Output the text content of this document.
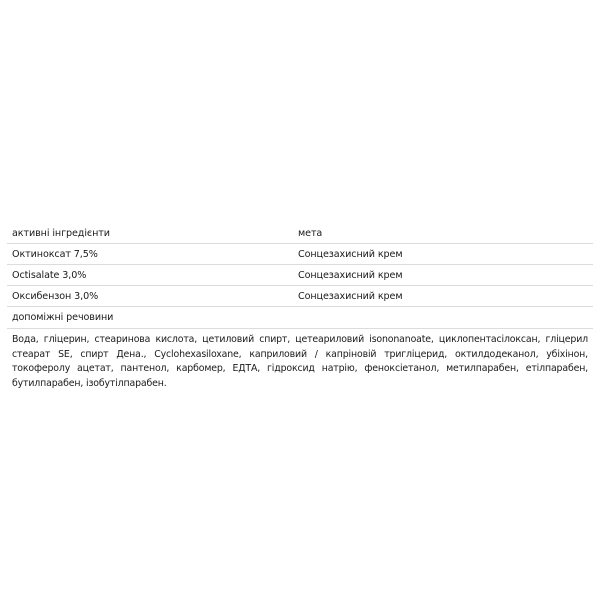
активні інгредієнти	мета
Октиноксат 7,5%	Сонцезахисний крем
Octisalate 3,0%	Сонцезахисний крем
Оксибензон 3,0%	Сонцезахисний крем
допоміжні речовини
Вода, гліцерин, стеаринова кислота, цетиловий спирт, цетеариловий isononanoate, циклопентасілоксан, гліцерил стеарат SE, спирт Дена., Cyclohexasiloxane, каприловий / капріновій тригліцерид, октилдодеканол, убіхінон, токоферолу ацетат, пантенол, карбомер, ЕДТА, гідроксид натрію, феноксіетанол, метилпарабен, етілпарабен, бутилпарабен, ізобутілпарабен.
